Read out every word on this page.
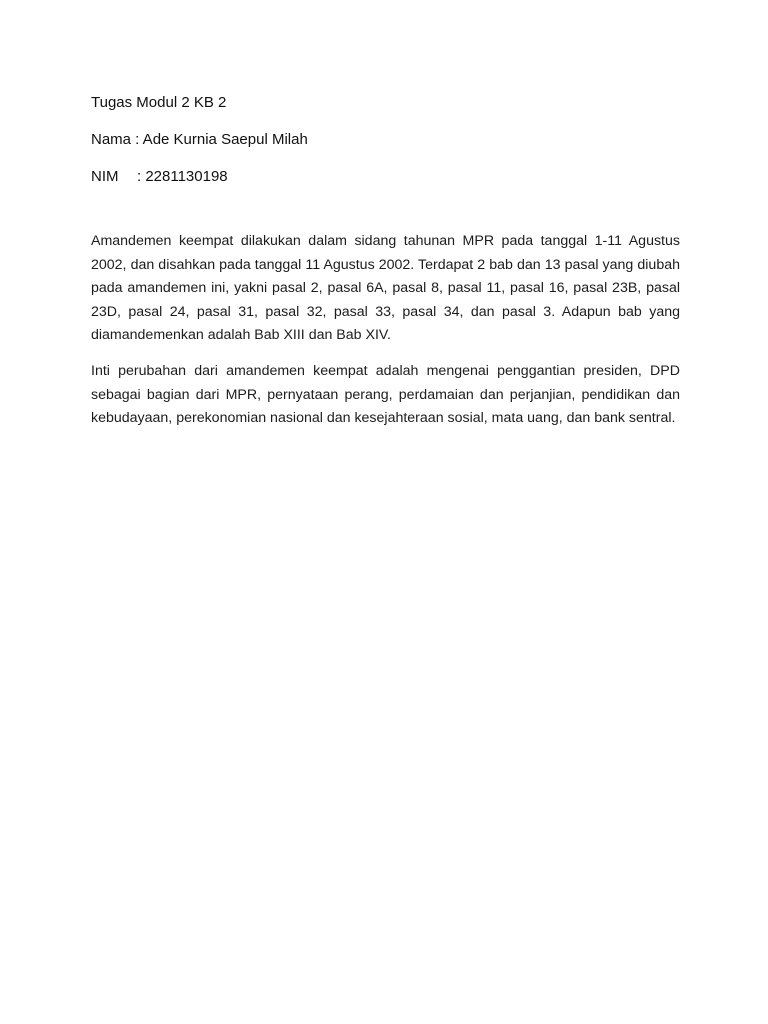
Tugas Modul 2 KB 2
Nama : Ade Kurnia Saepul Milah
NIM : 2281130198

Amandemen keempat dilakukan dalam sidang tahunan MPR pada tanggal 1-11 Agustus 2002, dan disahkan pada tanggal 11 Agustus 2002. Terdapat 2 bab dan 13 pasal yang diubah pada amandemen ini, yakni pasal 2, pasal 6A, pasal 8, pasal 11, pasal 16, pasal 23B, pasal 23D, pasal 24, pasal 31, pasal 32, pasal 33, pasal 34, dan pasal 3. Adapun bab yang diamandemenkan adalah Bab XIII dan Bab XIV.

Inti perubahan dari amandemen keempat adalah mengenai penggantian presiden, DPD sebagai bagian dari MPR, pernyataan perang, perdamaian dan perjanjian, pendidikan dan kebudayaan, perekonomian nasional dan kesejahteraan sosial, mata uang, dan bank sentral.
